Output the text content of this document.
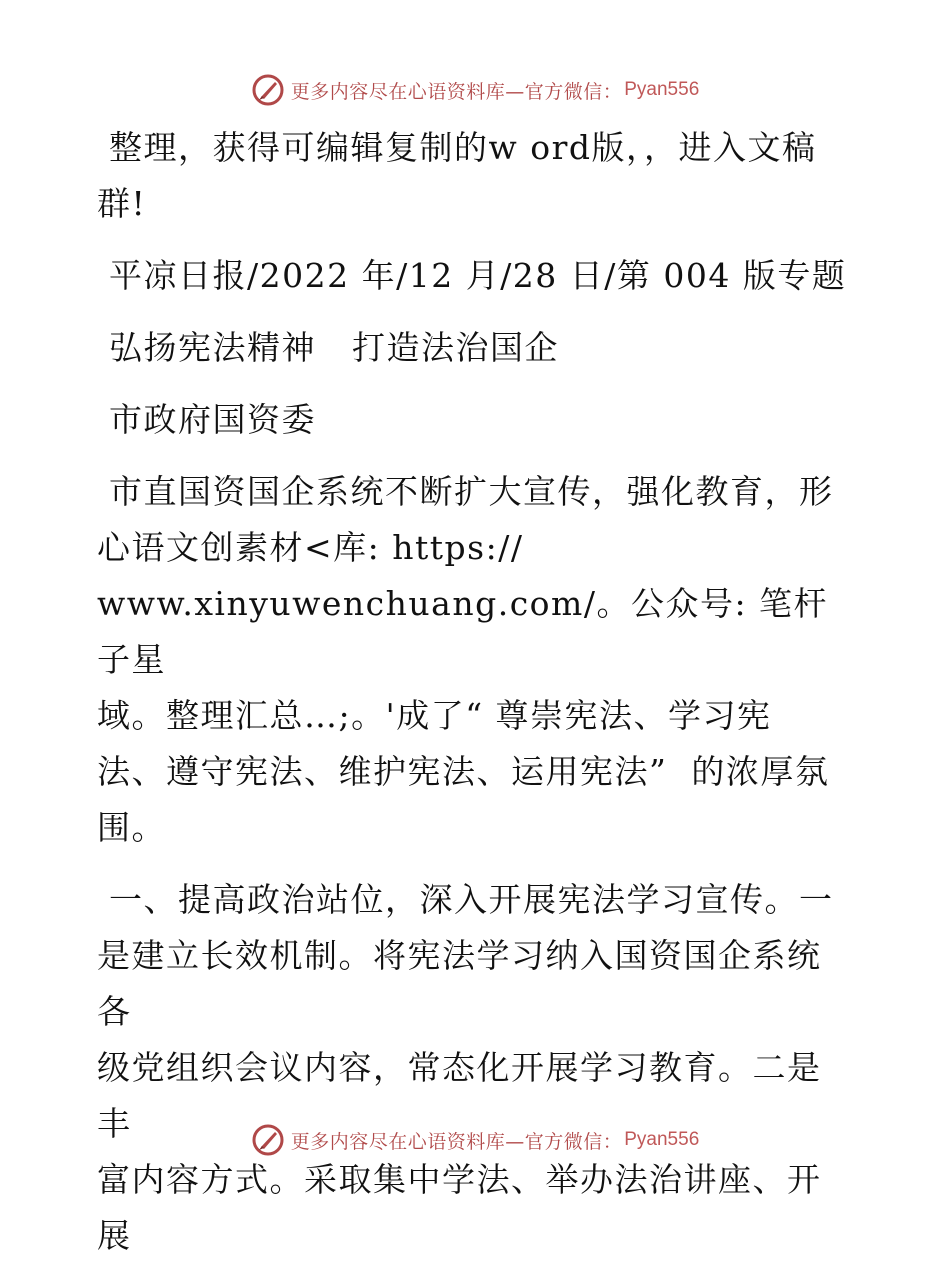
更多内容尽在心语资料库—官方微信： Pyan556

整理，获得可编辑复制的w ord版，，进入文稿

群!

平凉日报/2022 年/12 月/28 日/第 004 版专题

弘扬宪法精神   打造法治国企

市政府国资委

市直国资国企系统不断扩大宣传，强化教育，形

心语文创素材<库: https://

www.xinyuwenchuang.com/。公众号: 笔杆子星

域。整理汇总…;。'成了“ 尊崇宪法、学习宪

法、遵守宪法、维护宪法、运用宪法”  的浓厚氛

围。

一、提高政治站位，深入开展宪法学习宣传。一

是建立长效机制。将宪法学习纳入国资国企系统各

级党组织会议内容，常态化开展学习教育。二是丰

富内容方式。采取集中学法、举办法治讲座、开展

更多内容尽在心语资料库—官方微信： Pyan556
